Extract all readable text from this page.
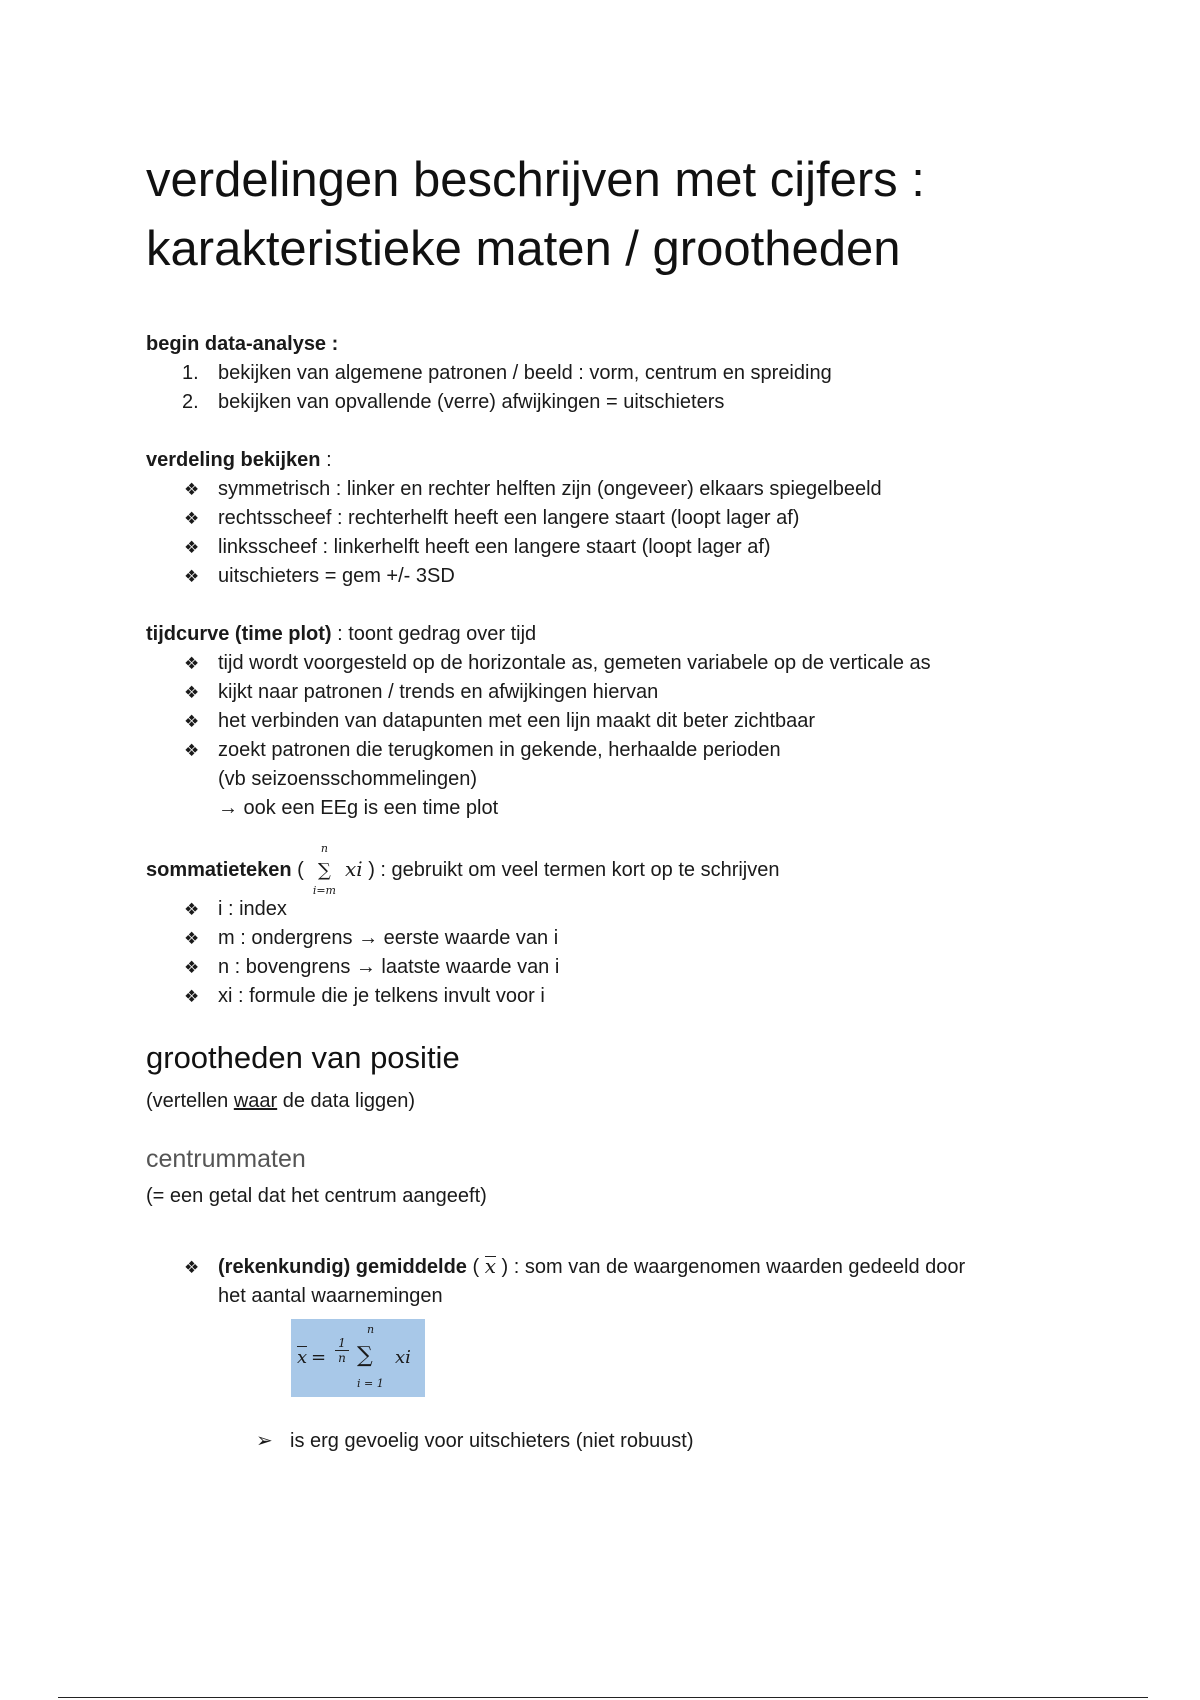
verdelingen beschrijven met cijfers :
karakteristieke maten / grootheden
begin data-analyse :
1. bekijken van algemene patronen / beeld : vorm, centrum en spreiding
2. bekijken van opvallende (verre) afwijkingen = uitschieters
verdeling bekijken :
❖ symmetrisch : linker en rechter helften zijn (ongeveer) elkaars spiegelbeeld
❖ rechtsscheef : rechterhelft heeft een langere staart (loopt lager af)
❖ linksscheef : linkerhelft heeft een langere staart (loopt lager af)
❖ uitschieters = gem +/- 3SD
tijdcurve (time plot) : toont gedrag over tijd
❖ tijd wordt voorgesteld op de horizontale as, gemeten variabele op de verticale as
❖ kijkt naar patronen / trends en afwijkingen hiervan
❖ het verbinden van datapunten met een lijn maakt dit beter zichtbaar
❖ zoekt patronen die terugkomen in gekende, herhaalde perioden
(vb seizoensschommelingen)
→ ook een EEg is een time plot
sommatieteken (
n
∑
i=m
xi ) : gebruikt om veel termen kort op te schrijven
❖ i : index
❖ m : ondergrens → eerste waarde van i
❖ n : bovengrens → laatste waarde van i
❖ xi : formule die je telkens invult voor i
grootheden van positie
(vertellen waar de data liggen)
centrummaten
(= een getal dat het centrum aangeeft)
❖ (rekenkundig) gemiddelde ( x ) : som van de waargenomen waarden gedeeld door
het aantal waarnemingen
$x = \frac{1}{n}$
n
∑
i = 1
xi
➢ is erg gevoelig voor uitschieters (niet robuust)
